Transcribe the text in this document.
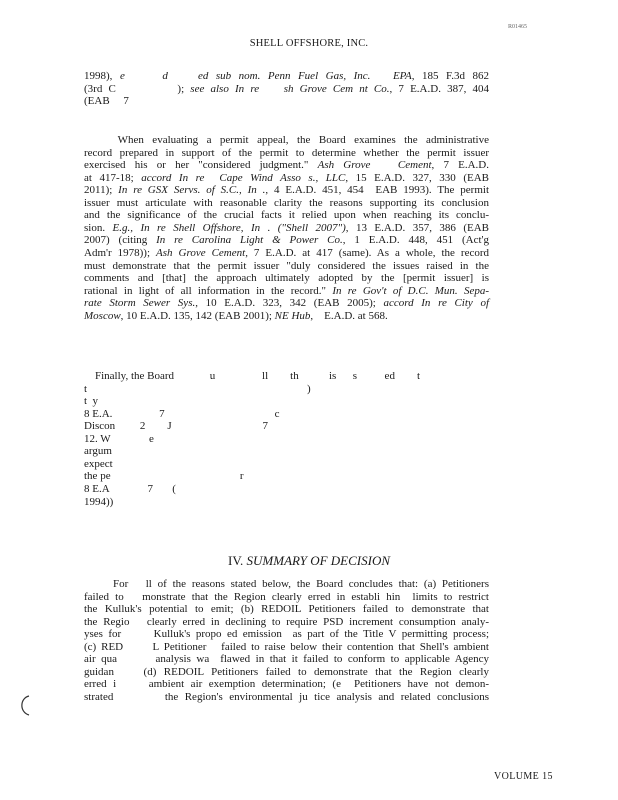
R01465
SHELL OFFSHORE, INC.
1998), e     d    ed sub nom. Penn Fuel Gas, Inc.   EPA, 185 F.3d 862
(3rd C          ); see also In re    sh Grove Cem nt Co., 7 E.A.D. 387, 404
(EAB     7
When evaluating a permit appeal, the Board examines the administrative
record prepared in support of the permit to determine whether the permit issuer
exercised his or her "considered judgment." Ash Grove   Cement, 7 E.A.D.
at 417-18; accord In re  Cape Wind Asso s., LLC, 15 E.A.D. 327, 330 (EAB
2011); In re GSX Servs. of S.C., In ., 4 E.A.D. 451, 454  EAB 1993). The permit
issuer must articulate with reasonable clarity the reasons supporting its conclusion
and the significance of the crucial facts it relied upon when reaching its conclu-
sion. E.g., In re Shell Offshore, In . ("Shell 2007"), 13 E.A.D. 357, 386 (EAB
2007) (citing In re Carolina Light & Power Co., 1 E.A.D. 448, 451 (Act'g
Adm'r 1978)); Ash Grove Cement, 7 E.A.D. at 417 (same). As a whole, the record
must demonstrate that the permit issuer "duly considered the issues raised in the
comments and [that] the approach ultimately adopted by the [permit issuer] is
rational in light of all information in the record." In re Gov't of D.C. Mun. Sepa-
rate Storm Sewer Sys., 10 E.A.D. 323, 342 (EAB 2005); accord In re City of
Moscow, 10 E.A.D. 135, 142 (EAB 2001); NE Hub,    E.A.D. at 568.
Finally, the Board             u                 ll        th           is      s          ed        t
t                                                                                )
t  y
8 E.A.                 7                                        c
Discon         2        J                                 7
12. W              e
argum
expect
the pe                                               r
8 E.A              7       (
1994))
IV. SUMMARY OF DECISION
For   ll of the reasons stated below, the Board concludes that: (a) Petitioners
failed to   monstrate that the Region clearly erred in establi hin  limits to restrict
the Kulluk's potential to emit; (b) REDOIL Petitioners failed to demonstrate that
the Regio   clearly erred in declining to require PSD increment consumption analy-
yses for      Kulluk's propo ed emission  as part of the Title V permitting process;
(c) RED      L Petitioner   failed to raise below their contention that Shell's ambient
air qua       analysis wa  flawed in that it failed to conform to applicable Agency
guidan    (d) REDOIL Petitioners failed to demonstrate that the Region clearly
erred i     ambient air exemption determination; (e  Petitioners have not demon-
strated        the Region's environmental ju tice analysis and related conclusions
VOLUME 15
